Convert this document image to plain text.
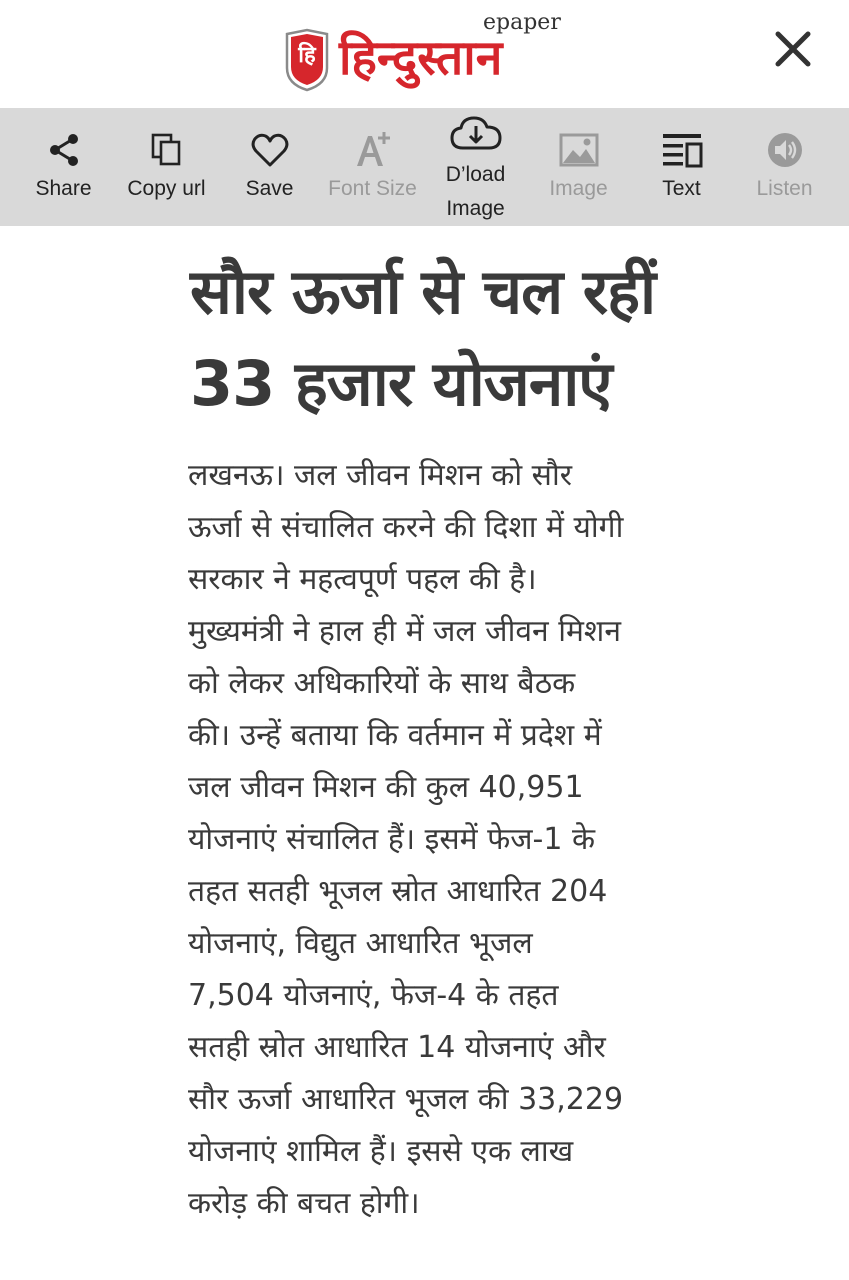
हि हिन्दुस्तान
epaper
Share	Copy url	Save	Font Size
D’load
Image
Image	Text	Listen
सौर ऊर्जा से चल रहीं
33 हजार योजनाएं
लखनऊ। जल जीवन मिशन को सौर
ऊर्जा से संचालित करने की दिशा में योगी
सरकार ने महत्वपूर्ण पहल की है।
मुख्यमंत्री ने हाल ही में जल जीवन मिशन
को लेकर अधिकारियों के साथ बैठक
की। उन्हें बताया कि वर्तमान में प्रदेश में
जल जीवन मिशन की कुल 40,951
योजनाएं संचालित हैं। इसमें फेज-1 के
तहत सतही भूजल स्रोत आधारित 204
योजनाएं, विद्युत आधारित भूजल
7,504 योजनाएं, फेज-4 के तहत
सतही स्रोत आधारित 14 योजनाएं और
सौर ऊर्जा आधारित भूजल की 33,229
योजनाएं शामिल हैं। इससे एक लाख
करोड़ की बचत होगी।
